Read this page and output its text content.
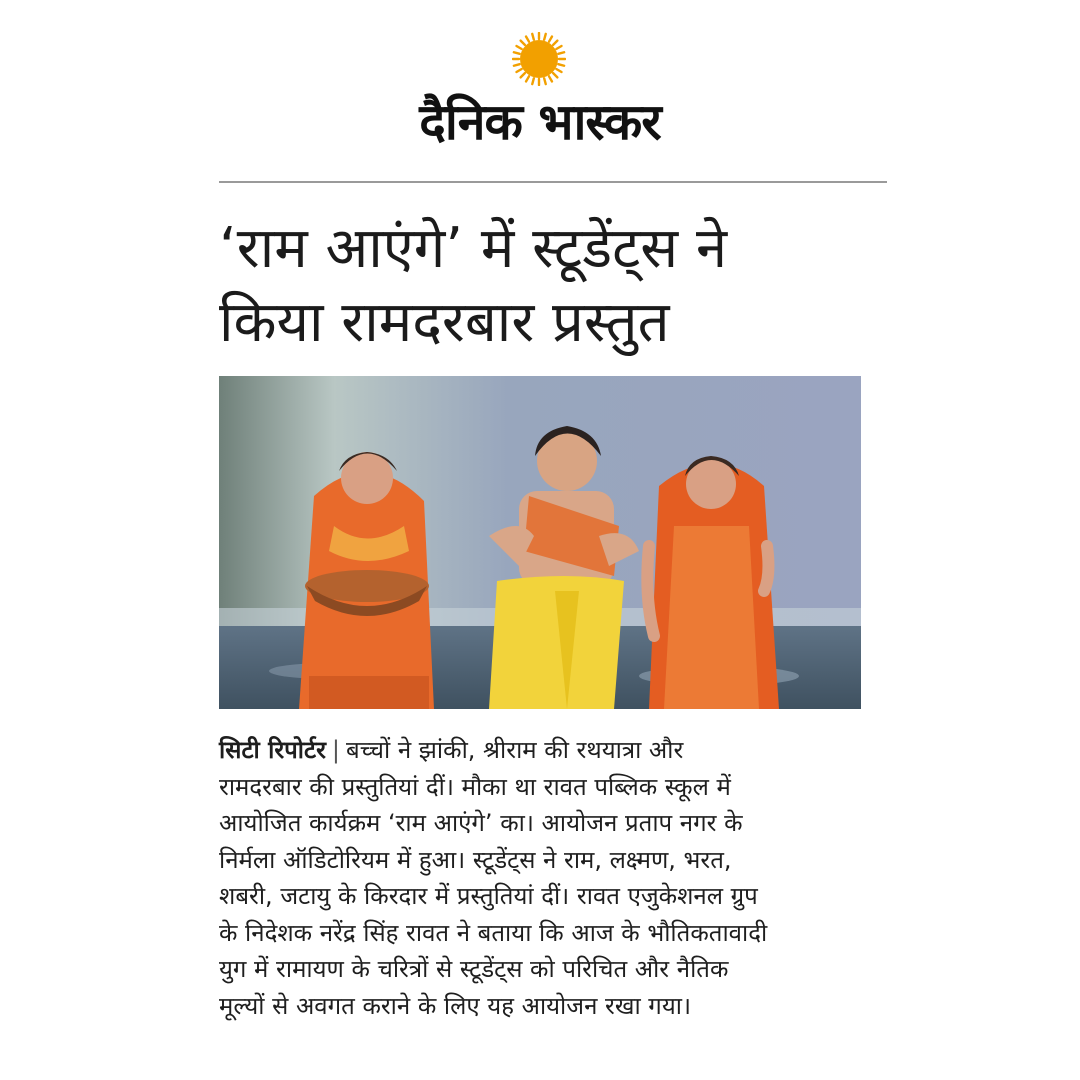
दैनिक भास्कर
‘राम आएंगे’ में स्टूडेंट्स ने
किया रामदरबार प्रस्तुत
सिटी रिपोर्टर | बच्चों ने झांकी, श्रीराम की रथयात्रा और
रामदरबार की प्रस्तुतियां दीं। मौका था रावत पब्लिक स्कूल में
आयोजित कार्यक्रम ‘राम आएंगे’ का। आयोजन प्रताप नगर के
निर्मला ऑडिटोरियम में हुआ। स्टूडेंट्स ने राम, लक्ष्मण, भरत,
शबरी, जटायु के किरदार में प्रस्तुतियां दीं। रावत एजुकेशनल ग्रुप
के निदेशक नरेंद्र सिंह रावत ने बताया कि आज के भौतिकतावादी
युग में रामायण के चरित्रों से स्टूडेंट्स को परिचित और नैतिक
मूल्यों से अवगत कराने के लिए यह आयोजन रखा गया।
